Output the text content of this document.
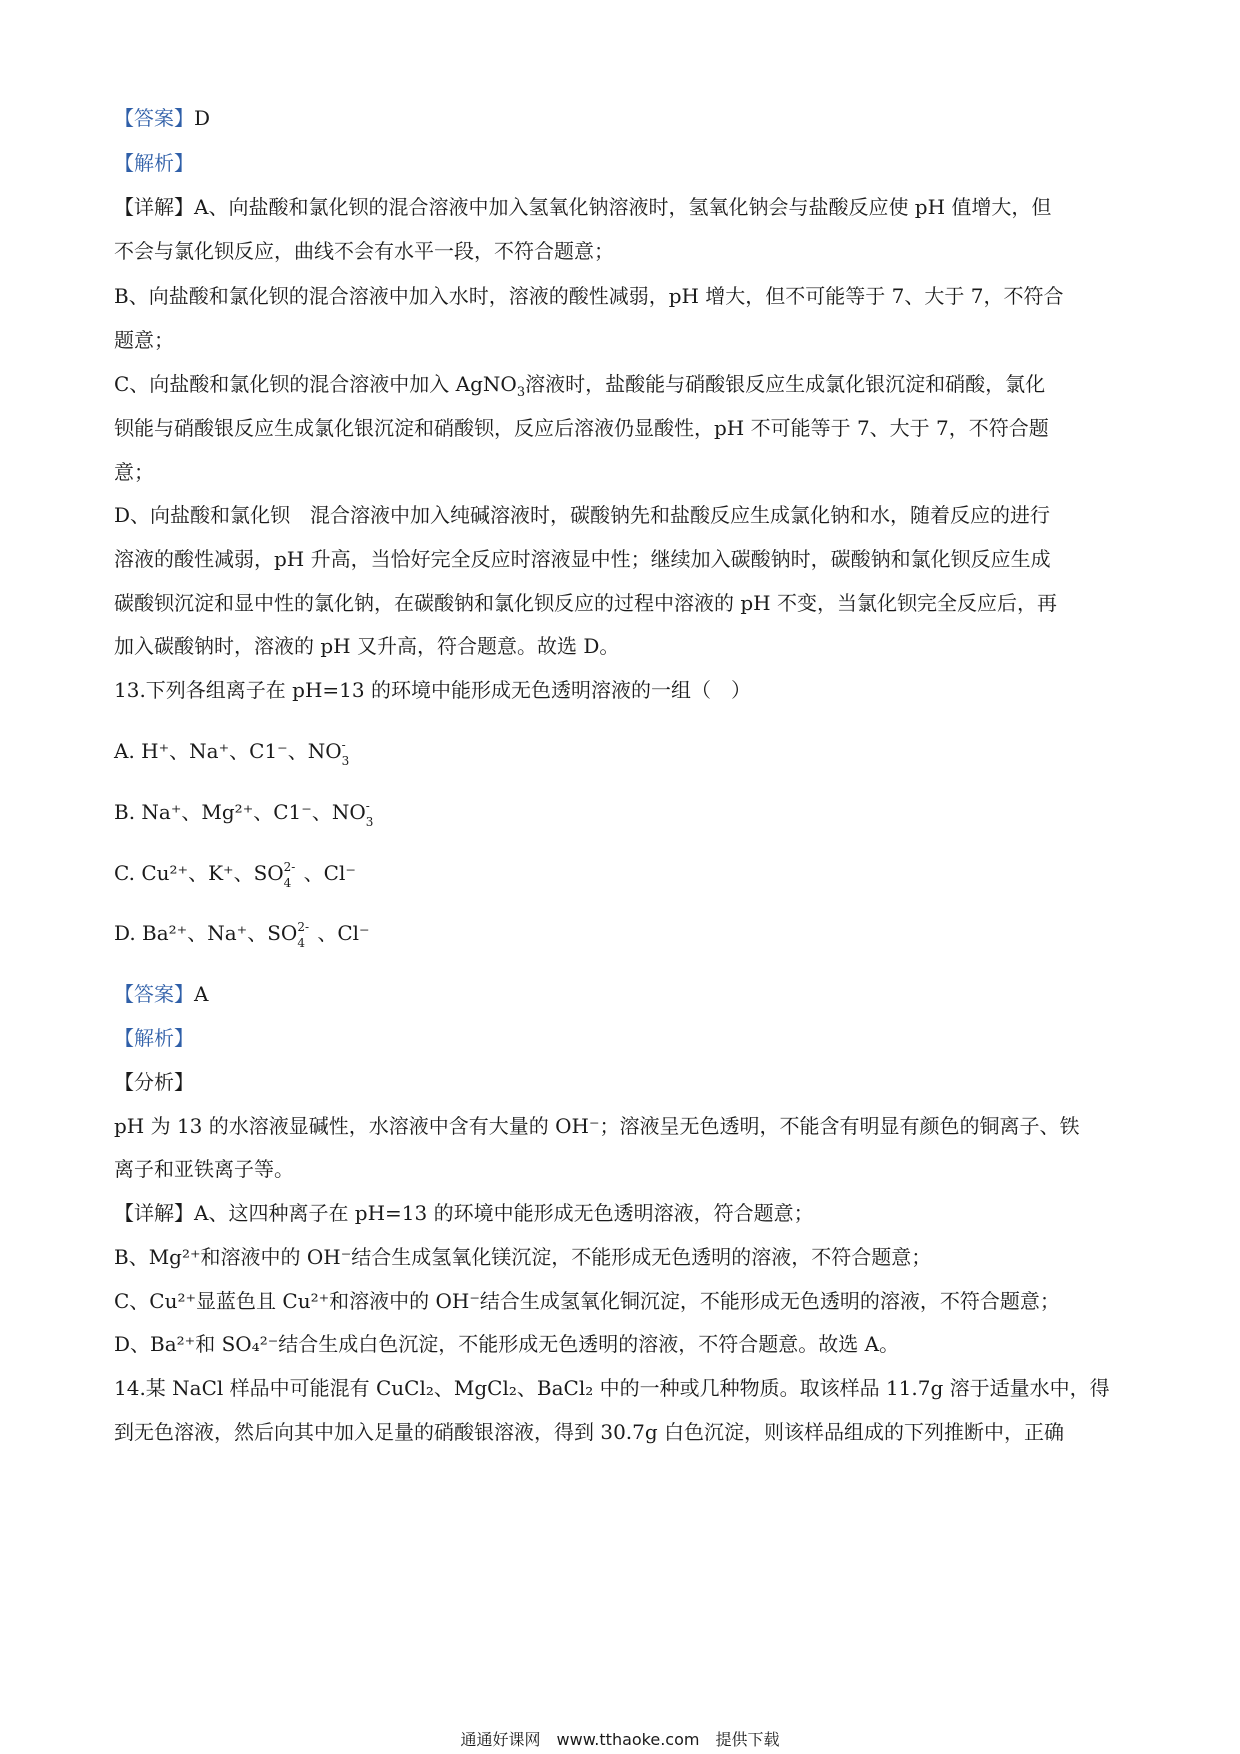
【答案】D
【解析】
【详解】A、向盐酸和氯化钡的混合溶液中加入氢氧化钠溶液时，氢氧化钠会与盐酸反应使 pH 值增大，但
不会与氯化钡反应，曲线不会有水平一段，不符合题意；
B、向盐酸和氯化钡的混合溶液中加入水时，溶液的酸性减弱，pH 增大，但不可能等于 7、大于 7，不符合
题意；
C、向盐酸和氯化钡的混合溶液中加入 AgNO$_3$溶液时，盐酸能与硝酸银反应生成氯化银沉淀和硝酸，氯化
钡能与硝酸银反应生成氯化银沉淀和硝酸钡，反应后溶液仍显酸性，pH 不可能等于 7、大于 7，不符合题
意；
D、向盐酸和氯化钡　混合溶液中加入纯碱溶液时，碳酸钠先和盐酸反应生成氯化钠和水，随着反应的进行
溶液的酸性减弱，pH 升高，当恰好完全反应时溶液显中性；继续加入碳酸钠时，碳酸钠和氯化钡反应生成
碳酸钡沉淀和显中性的氯化钠，在碳酸钠和氯化钡反应的过程中溶液的 pH 不变，当氯化钡完全反应后，再
加入碳酸钠时，溶液的 pH 又升高，符合题意。故选 D。
13.下列各组离子在 pH=13 的环境中能形成无色透明溶液的一组（　）
A. H⁺、Na⁺、C1⁻、NO -
3
B. Na⁺、Mg²⁺、C1⁻、NO -
3
C. Cu²⁺、K⁺、SO 2-
4 、Cl⁻
D. Ba²⁺、Na⁺、SO 2-
4 、Cl⁻
【答案】A
【解析】
【分析】
pH 为 13 的水溶液显碱性，水溶液中含有大量的 OH⁻；溶液呈无色透明，不能含有明显有颜色的铜离子、铁
离子和亚铁离子等。
【详解】A、这四种离子在 pH=13 的环境中能形成无色透明溶液，符合题意；
B、Mg²⁺和溶液中的 OH⁻结合生成氢氧化镁沉淀，不能形成无色透明的溶液，不符合题意；
C、Cu²⁺显蓝色且 Cu²⁺和溶液中的 OH⁻结合生成氢氧化铜沉淀，不能形成无色透明的溶液，不符合题意；
D、Ba²⁺和 SO₄²⁻结合生成白色沉淀，不能形成无色透明的溶液，不符合题意。故选 A。
14.某 NaCl 样品中可能混有 CuCl₂、MgCl₂、BaCl₂ 中的一种或几种物质。取该样品 11.7g 溶于适量水中，得
到无色溶液，然后向其中加入足量的硝酸银溶液，得到 30.7g 白色沉淀，则该样品组成的下列推断中，正确
通通好课网　www.tthaoke.com　提供下载
